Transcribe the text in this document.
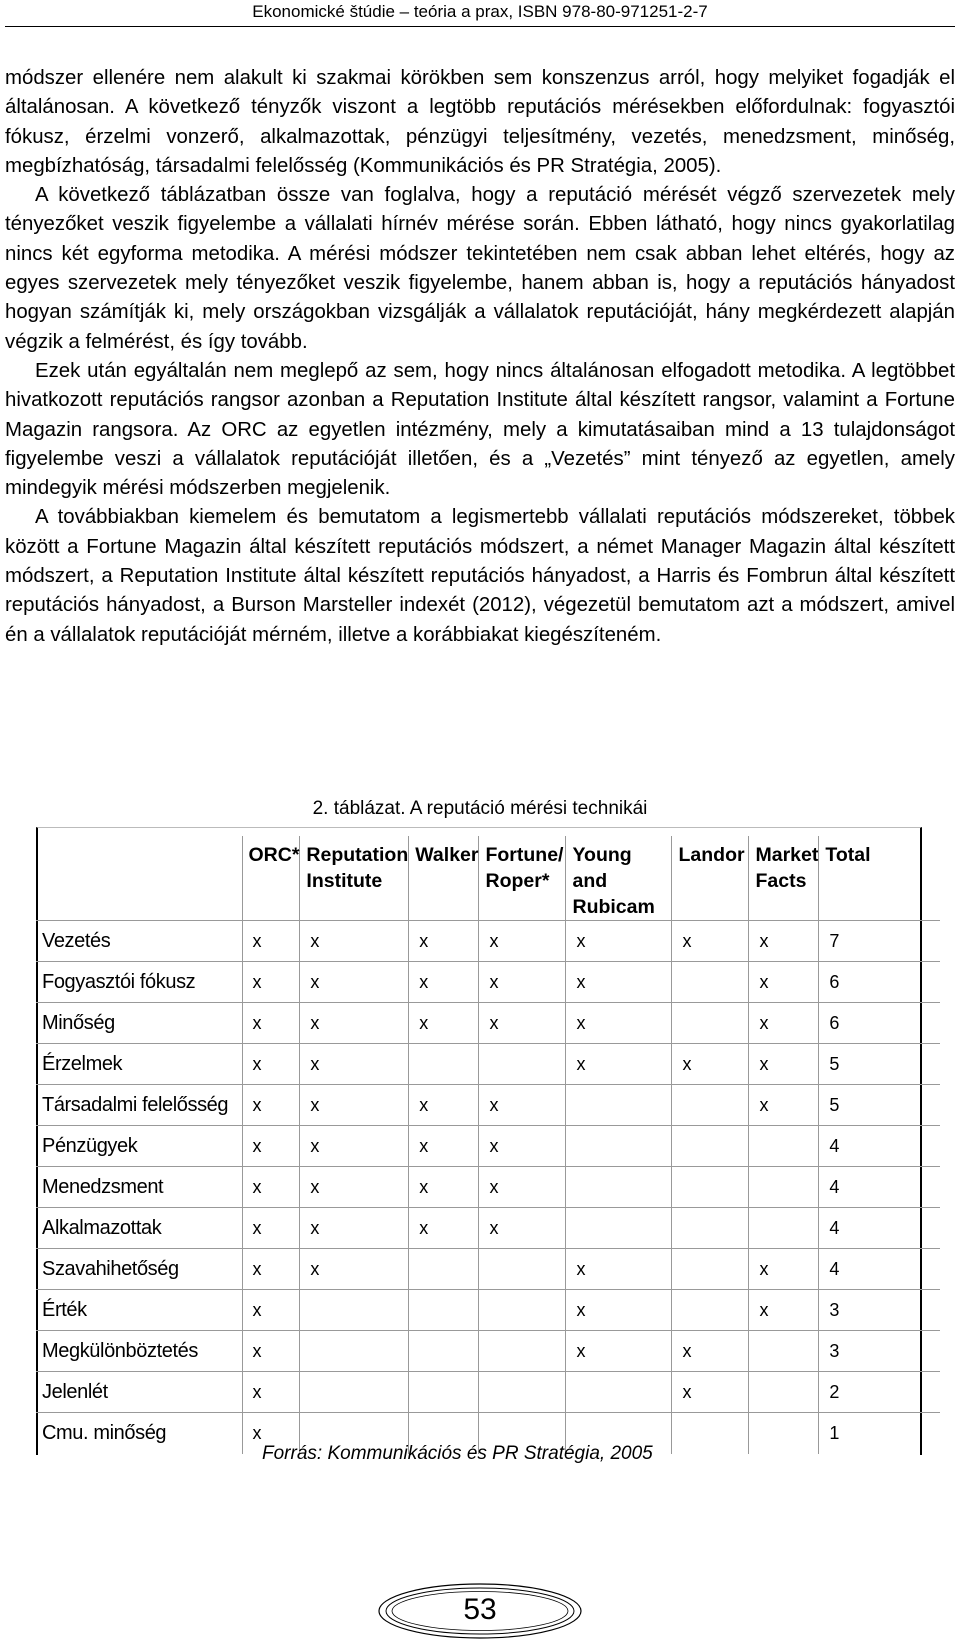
Ekonomické štúdie – teória a prax, ISBN 978-80-971251-2-7

módszer ellenére nem alakult ki szakmai körökben sem konszenzus arról, hogy melyiket fogadják el általánosan. A következő tényzők viszont a legtöbb reputációs mérésekben előfordulnak: fogyasztói fókusz, érzelmi vonzerő, alkalmazottak, pénzügyi teljesítmény, vezetés, menedzsment, minőség, megbízhatóság, társadalmi felelősség (Kommunikációs és PR Stratégia, 2005).

A következő táblázatban össze van foglalva, hogy a reputáció mérését végző szervezetek mely tényezőket veszik figyelembe a vállalati hírnév mérése során. Ebben látható, hogy nincs gyakorlatilag nincs két egyforma metodika. A mérési módszer tekintetében nem csak abban lehet eltérés, hogy az egyes szervezetek mely tényezőket veszik figyelembe, hanem abban is, hogy a reputációs hányadost hogyan számítják ki, mely országokban vizsgálják a vállalatok reputációját, hány megkérdezett alapján végzik a felmérést, és így tovább.

Ezek után egyáltalán nem meglepő az sem, hogy nincs általánosan elfogadott metodika. A legtöbbet hivatkozott reputációs rangsor azonban a Reputation Institute által készített rangsor, valamint a Fortune Magazin rangsora. Az ORC az egyetlen intézmény, mely a kimutatásaiban mind a 13 tulajdonságot figyelembe veszi a vállalatok reputációját illetően, és a „Vezetés” mint tényező az egyetlen, amely mindegyik mérési módszerben megjelenik.

A továbbiakban kiemelem és bemutatom a legismertebb vállalati reputációs módszereket, többek között a Fortune Magazin által készített reputációs módszert, a német Manager Magazin által készített módszert, a Reputation Institute által készített reputációs hányadost, a Harris és Fombrun által készített reputációs hányadost, a Burson Marsteller indexét (2012), végezetül bemutatom azt a módszert, amivel én a vállalatok reputációját mérném, illetve a korábbiakat kiegészíteném.

2. táblázat. A reputáció mérési technikái
	ORC*	Reputation Institute	Walker	Fortune/ Roper*	Young and Rubicam	Landor	Market Facts	Total
Vezetés	x	x	x	x	x	x	x	7
Fogyasztói fókusz	x	x	x	x	x		x	6
Minőség	x	x	x	x	x		x	6
Érzelmek	x	x			x	x	x	5
Társadalmi felelősség	x	x	x	x			x	5
Pénzügyek	x	x	x	x				4
Menedzsment	x	x	x	x				4
Alkalmazottak	x	x	x	x				4
Szavahihetőség	x	x			x		x	4
Érték	x				x		x	3
Megkülönböztetés	x				x	x		3
Jelenlét	x					x		2
Cmu. minőség	x							1
Forrás: Kommunikációs és PR Stratégia, 2005
53
